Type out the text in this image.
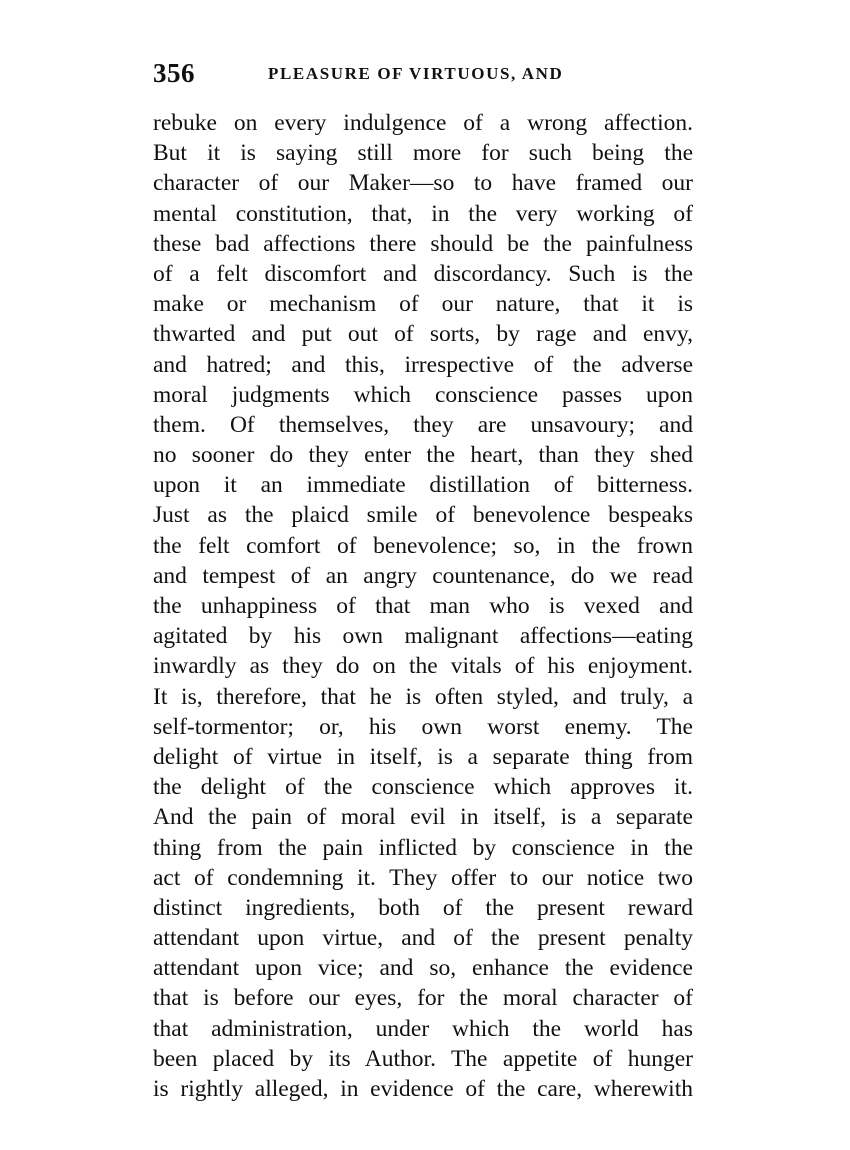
356	PLEASURE OF VIRTUOUS, AND
rebuke on every indulgence of a wrong affection.
But it is saying still more for such being the
character of our Maker—so to have framed our
mental constitution, that, in the very working of
these bad affections there should be the painfulness
of a felt discomfort and discordancy. Such is the
make or mechanism of our nature, that it is
thwarted and put out of sorts, by rage and envy,
and hatred; and this, irrespective of the adverse
moral judgments which conscience passes upon
them. Of themselves, they are unsavoury; and
no sooner do they enter the heart, than they shed
upon it an immediate distillation of bitterness.
Just as the plaicd smile of benevolence bespeaks
the felt comfort of benevolence; so, in the frown
and tempest of an angry countenance, do we read
the unhappiness of that man who is vexed and
agitated by his own malignant affections—eating
inwardly as they do on the vitals of his enjoyment.
It is, therefore, that he is often styled, and truly, a
self-tormentor; or, his own worst enemy. The
delight of virtue in itself, is a separate thing from
the delight of the conscience which approves it.
And the pain of moral evil in itself, is a separate
thing from the pain inflicted by conscience in the
act of condemning it. They offer to our notice two
distinct ingredients, both of the present reward
attendant upon virtue, and of the present penalty
attendant upon vice; and so, enhance the evidence
that is before our eyes, for the moral character of
that administration, under which the world has
been placed by its Author. The appetite of hunger
is rightly alleged, in evidence of the care, wherewith
